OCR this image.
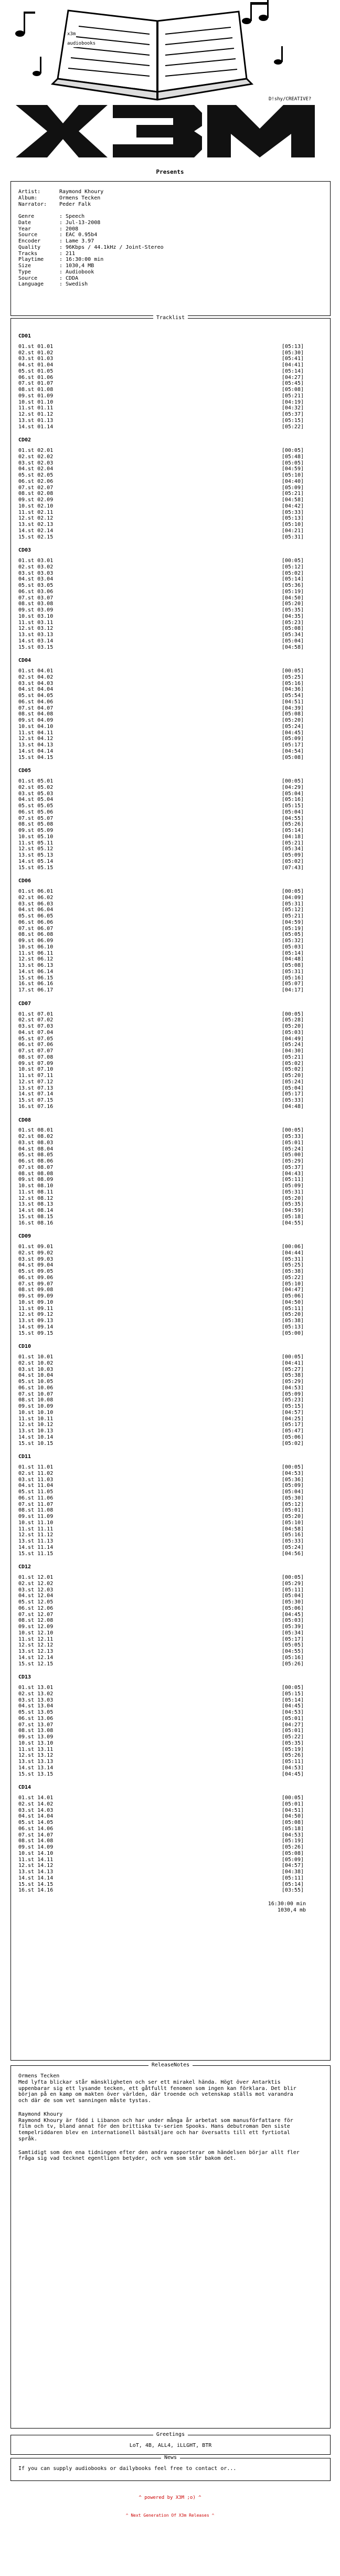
x3m
audiobooks
D!shy/CREATIVE?
Presents
Artist:	Raymond Khoury
Album:	Ormens Tecken
Narrator:	Peder Falk

Genre	: Speech
Date	: Jul-13-2008
Year	: 2008
Source	: EAC 0.95b4
Encoder	: Lame 3.97
Quality	: 96Kbps / 44.1kHz / Joint-Stereo
Tracks	: 211
Playtime	: 16:30:00 min
Size	: 1030,4 MB
Type	: Audiobook
Source	: CDDA
Language	: Swedish
Tracklist
CD01
01.st 01.01	[05:13]
02.st 01.02	[05:30]
03.st 01.03	[05:41]
04.st 01.04	[04:41]
05.st 01.05	[05:14]
06.st 01.06	[04:27]
07.st 01.07	[05:45]
08.st 01.08	[05:08]
09.st 01.09	[05:21]
10.st 01.10	[04:19]
11.st 01.11	[04:32]
12.st 01.12	[05:37]
13.st 01.13	[05:15]
14.st 01.14	[05:22]
CD02
01.st 02.01	[00:05]
02.st 02.02	[05:48]
03.st 02.03	[05:05]
04.st 02.04	[04:59]
05.st 02.05	[05:10]
06.st 02.06	[04:40]
07.st 02.07	[05:09]
08.st 02.08	[05:21]
09.st 02.09	[04:58]
10.st 02.10	[04:42]
11.st 02.11	[05:33]
12.st 02.12	[05:13]
13.st 02.13	[05:10]
14.st 02.14	[04:21]
15.st 02.15	[05:31]
CD03
01.st 03.01	[00:05]
02.st 03.02	[05:12]
03.st 03.03	[05:02]
04.st 03.04	[05:14]
05.st 03.05	[05:36]
06.st 03.06	[05:19]
07.st 03.07	[04:50]
08.st 03.08	[05:20]
09.st 03.09	[05:35]
10.st 03.10	[04:35]
11.st 03.11	[05:23]
12.st 03.12	[05:08]
13.st 03.13	[05:34]
14.st 03.14	[05:04]
15.st 03.15	[04:58]
CD04
01.st 04.01	[00:05]
02.st 04.02	[05:25]
03.st 04.03	[05:16]
04.st 04.04	[04:36]
05.st 04.05	[05:54]
06.st 04.06	[04:51]
07.st 04.07	[04:39]
08.st 04.08	[05:08]
09.st 04.09	[05:20]
10.st 04.10	[05:24]
11.st 04.11	[04:45]
12.st 04.12	[05:09]
13.st 04.13	[05:17]
14.st 04.14	[04:54]
15.st 04.15	[05:08]
CD05
01.st 05.01	[00:05]
02.st 05.02	[04:29]
03.st 05.03	[05:04]
04.st 05.04	[05:16]
05.st 05.05	[05:15]
06.st 05.06	[05:04]
07.st 05.07	[04:55]
08.st 05.08	[05:26]
09.st 05.09	[05:14]
10.st 05.10	[04:18]
11.st 05.11	[05:21]
12.st 05.12	[05:34]
13.st 05.13	[05:09]
14.st 05.14	[05:02]
15.st 05.15	[07:43]
CD06
01.st 06.01	[00:05]
02.st 06.02	[04:09]
03.st 06.03	[05:31]
04.st 06.04	[05:12]
05.st 06.05	[05:21]
06.st 06.06	[04:59]
07.st 06.07	[05:19]
08.st 06.08	[05:05]
09.st 06.09	[05:32]
10.st 06.10	[05:03]
11.st 06.11	[05:14]
12.st 06.12	[04:48]
13.st 06.13	[05:08]
14.st 06.14	[05:31]
15.st 06.15	[05:16]
16.st 06.16	[05:07]
17.st 06.17	[04:17]
CD07
01.st 07.01	[00:05]
02.st 07.02	[05:28]
03.st 07.03	[05:20]
04.st 07.04	[05:03]
05.st 07.05	[04:49]
06.st 07.06	[05:24]
07.st 07.07	[04:30]
08.st 07.08	[05:21]
09.st 07.09	[05:02]
10.st 07.10	[05:02]
11.st 07.11	[05:20]
12.st 07.12	[05:24]
13.st 07.13	[05:04]
14.st 07.14	[05:17]
15.st 07.15	[05:33]
16.st 07.16	[04:48]
CD08
01.st 08.01	[00:05]
02.st 08.02	[05:33]
03.st 08.03	[05:01]
04.st 08.04	[05:24]
05.st 08.05	[05:00]
06.st 08.06	[05:29]
07.st 08.07	[05:37]
08.st 08.08	[04:43]
09.st 08.09	[05:11]
10.st 08.10	[05:09]
11.st 08.11	[05:31]
12.st 08.12	[05:20]
13.st 08.13	[05:35]
14.st 08.14	[04:59]
15.st 08.15	[05:18]
16.st 08.16	[04:55]
CD09
01.st 09.01	[00:06]
02.st 09.02	[04:44]
03.st 09.03	[05:31]
04.st 09.04	[05:25]
05.st 09.05	[05:38]
06.st 09.06	[05:22]
07.st 09.07	[05:10]
08.st 09.08	[04:47]
09.st 09.09	[05:06]
10.st 09.10	[04:50]
11.st 09.11	[05:11]
12.st 09.12	[05:20]
13.st 09.13	[05:38]
14.st 09.14	[05:13]
15.st 09.15	[05:00]
CD10
01.st 10.01	[00:05]
02.st 10.02	[04:41]
03.st 10.03	[05:27]
04.st 10.04	[05:38]
05.st 10.05	[05:29]
06.st 10.06	[04:53]
07.st 10.07	[05:09]
08.st 10.08	[05:23]
09.st 10.09	[05:15]
10.st 10.10	[04:57]
11.st 10.11	[04:25]
12.st 10.12	[05:17]
13.st 10.13	[05:47]
14.st 10.14	[05:06]
15.st 10.15	[05:02]
CD11
01.st 11.01	[00:05]
02.st 11.02	[04:53]
03.st 11.03	[05:36]
04.st 11.04	[05:09]
05.st 11.05	[05:04]
06.st 11.06	[05:30]
07.st 11.07	[05:12]
08.st 11.08	[05:01]
09.st 11.09	[05:20]
10.st 11.10	[05:10]
11.st 11.11	[04:58]
12.st 11.12	[05:16]
13.st 11.13	[05:33]
14.st 11.14	[05:24]
15.st 11.15	[04:56]
CD12
01.st 12.01	[00:05]
02.st 12.02	[05:29]
03.st 12.03	[05:11]
04.st 12.04	[05:04]
05.st 12.05	[05:30]
06.st 12.06	[05:06]
07.st 12.07	[04:45]
08.st 12.08	[05:03]
09.st 12.09	[05:39]
10.st 12.10	[05:34]
11.st 12.11	[05:17]
12.st 12.12	[05:05]
13.st 12.13	[04:55]
14.st 12.14	[05:16]
15.st 12.15	[05:26]
CD13
01.st 13.01	[00:05]
02.st 13.02	[05:15]
03.st 13.03	[05:14]
04.st 13.04	[04:45]
05.st 13.05	[04:53]
06.st 13.06	[05:01]
07.st 13.07	[04:27]
08.st 13.08	[05:01]
09.st 13.09	[05:22]
10.st 13.10	[05:35]
11.st 13.11	[05:19]
12.st 13.12	[05:26]
13.st 13.13	[05:11]
14.st 13.14	[04:53]
15.st 13.15	[04:45]
CD14
01.st 14.01	[00:05]
02.st 14.02	[05:01]
03.st 14.03	[04:51]
04.st 14.04	[04:50]
05.st 14.05	[05:08]
06.st 14.06	[05:18]
07.st 14.07	[04:53]
08.st 14.08	[05:19]
09.st 14.09	[05:26]
10.st 14.10	[05:08]
11.st 14.11	[05:09]
12.st 14.12	[04:57]
13.st 14.13	[04:38]
14.st 14.14	[05:11]
15.st 14.15	[05:14]
16.st 14.16	[03:55]
16:30:00 min
1030,4 mb
ReleaseNotes
Ormens Tecken
Med lyfta blickar står mänskligheten och ser ett mirakel hända. Högt över Antarktis uppenbarar sig ett lysande tecken, ett gåtfullt fenomen som ingen kan förklara. Det blir början på en kamp om makten över världen, där troende och vetenskap ställs mot varandra och där de som vet sanningen måste tystas.
Raymond Khoury
Raymond Khoury är född i Libanon och har under många år arbetat som manusförfattare för film och tv, bland annat för den brittiska tv-serien Spooks. Hans debutroman Den siste tempelriddaren blev en internationell bästsäljare och har översatts till ett fyrtiotal språk.
Samtidigt som den ena tidningen efter den andra rapporterar om händelsen börjar allt fler fråga sig vad tecknet egentligen betyder, och vem som står bakom det.
Greetings
LoT, 4B, ALL4, iLLGHT, BTR
News
If you can supply audiobooks or dailybooks feel free to contact or...

^ powered by X3M ;o) ^

^ Next Generation Of X3m Releases ^
